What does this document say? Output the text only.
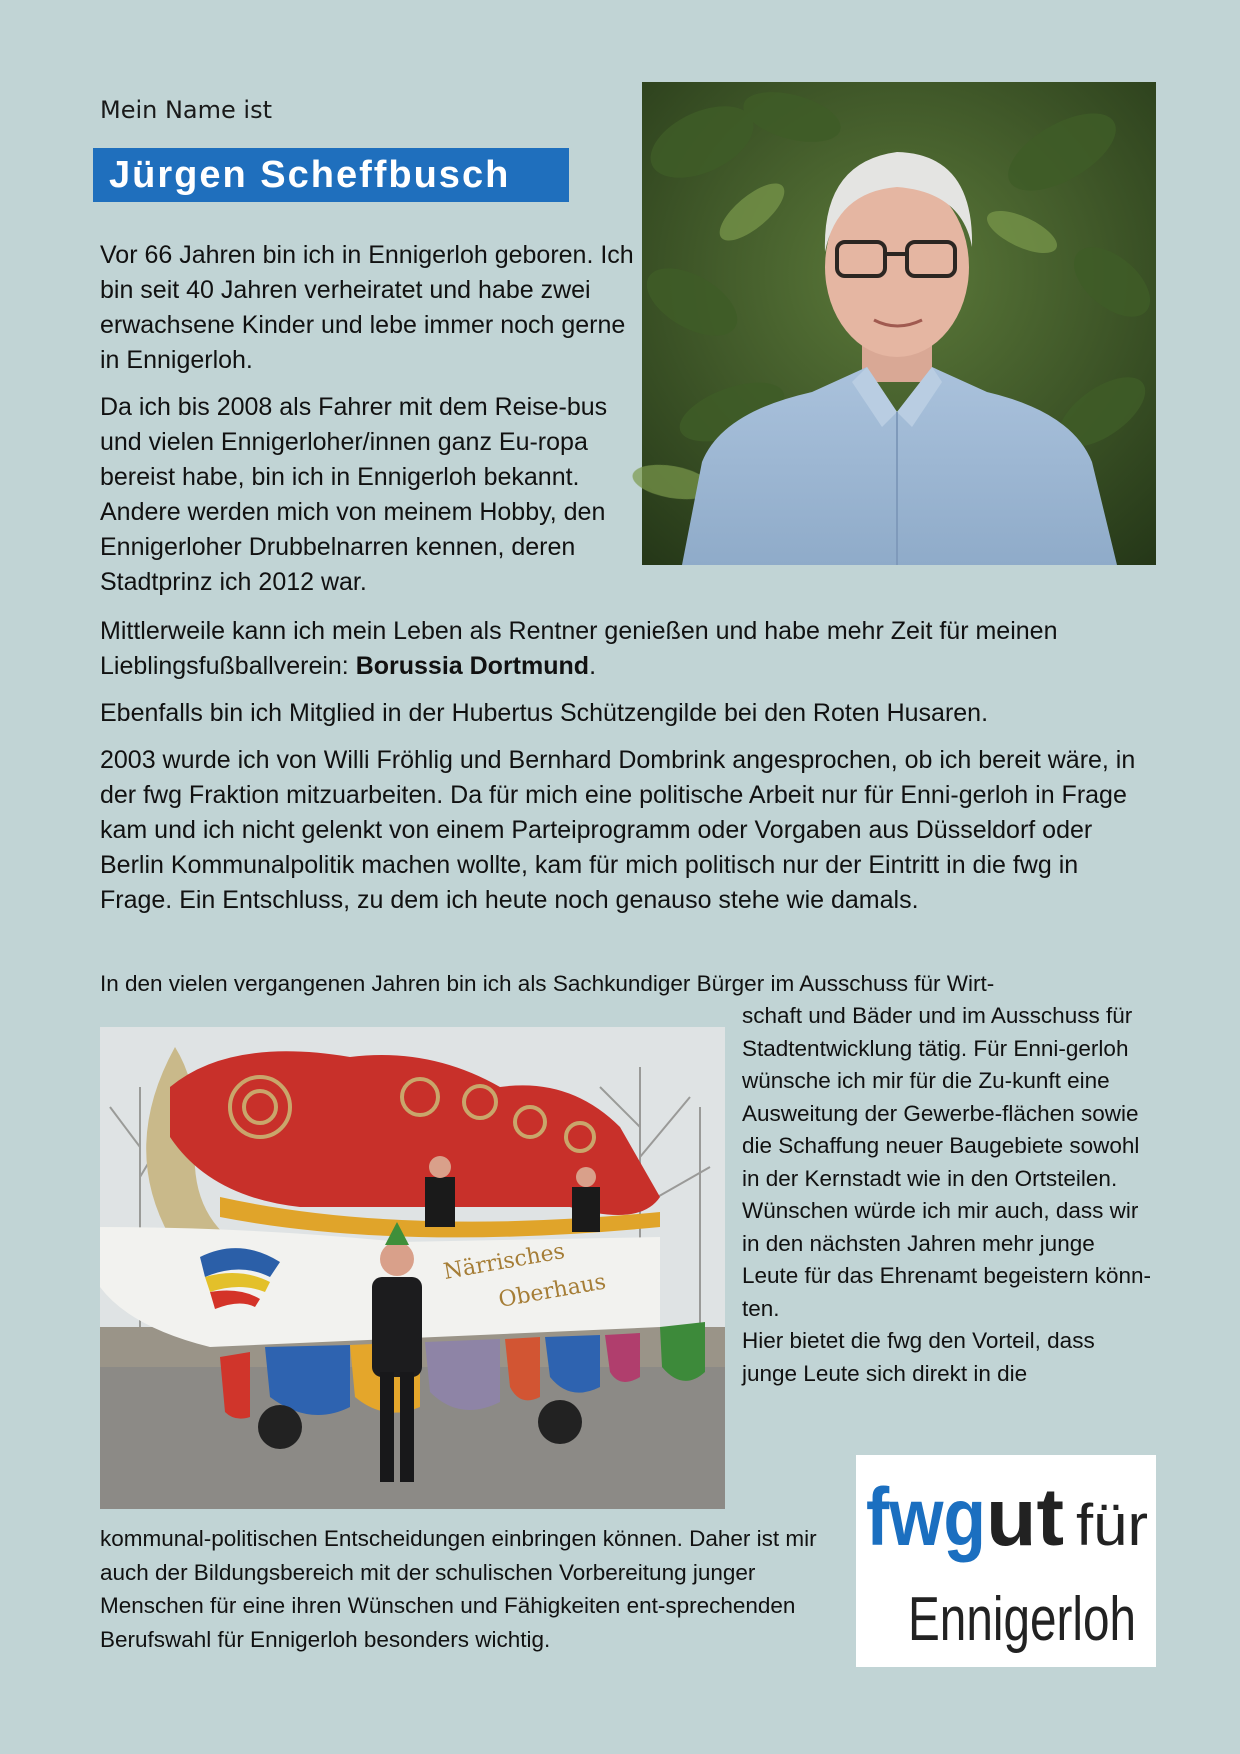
Mein Name ist
Jürgen Scheffbusch

Vor 66 Jahren bin ich in Ennigerloh geboren. Ich bin seit 40 Jahren verheiratet und habe zwei erwachsene Kinder und lebe immer noch gerne in Ennigerloh.

Da ich bis 2008 als Fahrer mit dem Reise-bus und vielen Ennigerloher/innen ganz Eu-ropa bereist habe, bin ich in Ennigerloh bekannt. Andere werden mich von meinem Hobby, den Ennigerloher Drubbelnarren kennen, deren Stadtprinz ich 2012 war.

Mittlerweile kann ich mein Leben als Rentner genießen und habe mehr Zeit für meinen Lieblingsfußballverein: Borussia Dortmund.

Ebenfalls bin ich Mitglied in der Hubertus Schützengilde bei den Roten Husaren.

2003 wurde ich von Willi Fröhlig und Bernhard Dombrink angesprochen, ob ich bereit wäre, in der fwg Fraktion mitzuarbeiten. Da für mich eine politische Arbeit nur für Enni-gerloh in Frage kam und ich nicht gelenkt von einem Parteiprogramm oder Vorgaben aus Düsseldorf oder Berlin Kommunalpolitik machen wollte, kam für mich politisch nur der Eintritt in die fwg in Frage. Ein Entschluss, zu dem ich heute noch genauso stehe wie damals.

In den vielen vergangenen Jahren bin ich als Sachkundiger Bürger im Ausschuss für Wirt-
Närrisches
Oberhaus
schaft und Bäder und im Ausschuss für Stadtentwicklung tätig. Für Enni-gerloh wünsche ich mir für die Zu-kunft eine Ausweitung der Gewerbe-flächen sowie die Schaffung neuer Baugebiete sowohl in der Kernstadt wie in den Ortsteilen. Wünschen würde ich mir auch, dass wir in den nächsten Jahren mehr junge Leute für das Ehrenamt begeistern könn-ten.
Hier bietet die fwg den Vorteil, dass junge Leute sich direkt in die
kommunal-politischen Entscheidungen einbringen können. Daher ist mir auch der Bildungsbereich mit der schulischen Vorbereitung junger Menschen für eine ihren Wünschen und Fähigkeiten ent-sprechenden Berufswahl für Ennigerloh besonders wichtig.
fwg ut für
Ennigerloh
